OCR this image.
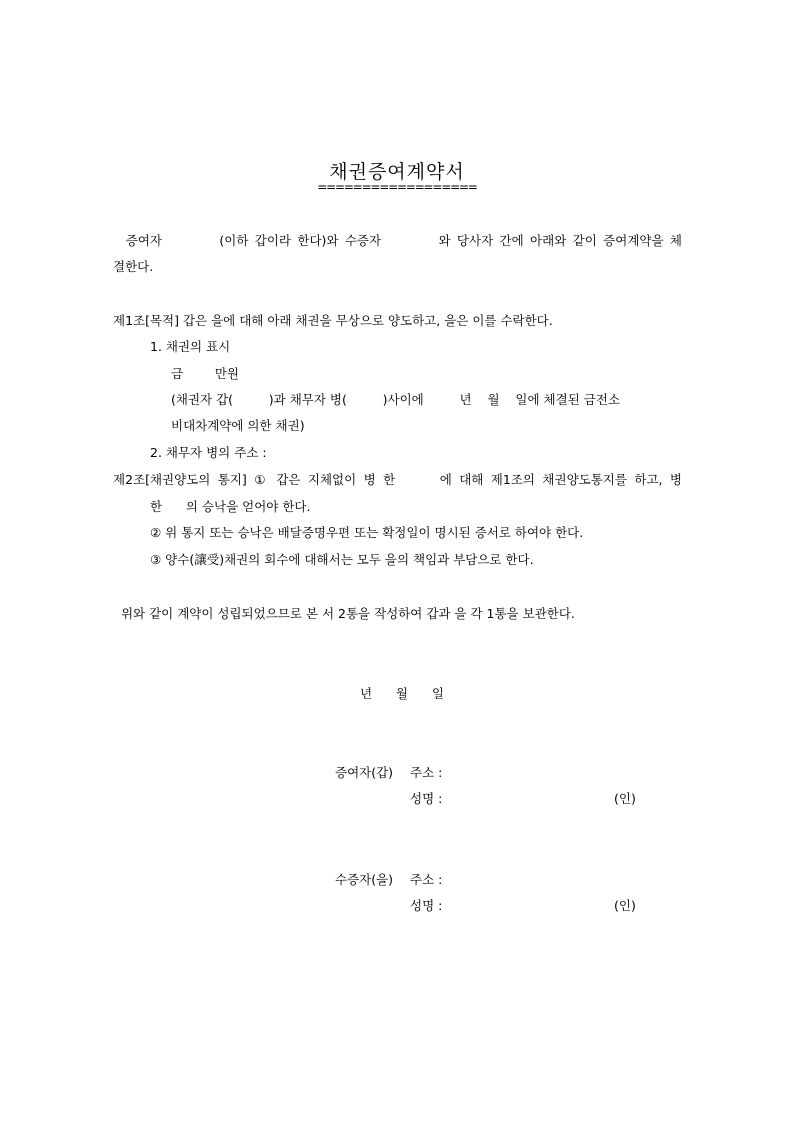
채권증여계약서
==================
증여자         (이하 갑이라 한다)와 수증자         와 당사자 간에 아래와 같이 증여계약을 체
결한다.
제1조[목적] 갑은 을에 대해 아래 채권을 무상으로 양도하고, 을은 이를 수락한다.
1. 채권의 표시
금        만원
(채권자 갑(         )과 채무자 병(         )사이에         년    월    일에 체결된 금전소
비대차계약에 의한 채권)
2. 채무자 병의 주소 :
제2조[채권양도의 통지] ① 갑은 지체없이 병 한      에 대해 제1조의 채권양도통지를 하고, 병
한      의 승낙을 얻어야 한다.
② 위 통지 또는 승낙은 배달증명우편 또는 확정일이 명시된 증서로 하여야 한다.
③ 양수(讓受)채권의 회수에 대해서는 모두 을의 책임과 부담으로 한다.
위와 같이 계약이 성립되었으므로 본 서 2통을 작성하여 갑과 을 각 1통을 보관한다.
년      월      일
증여자(갑) 주소 :
성명 :	(인)
수증자(을) 주소 :
성명 :	(인)
